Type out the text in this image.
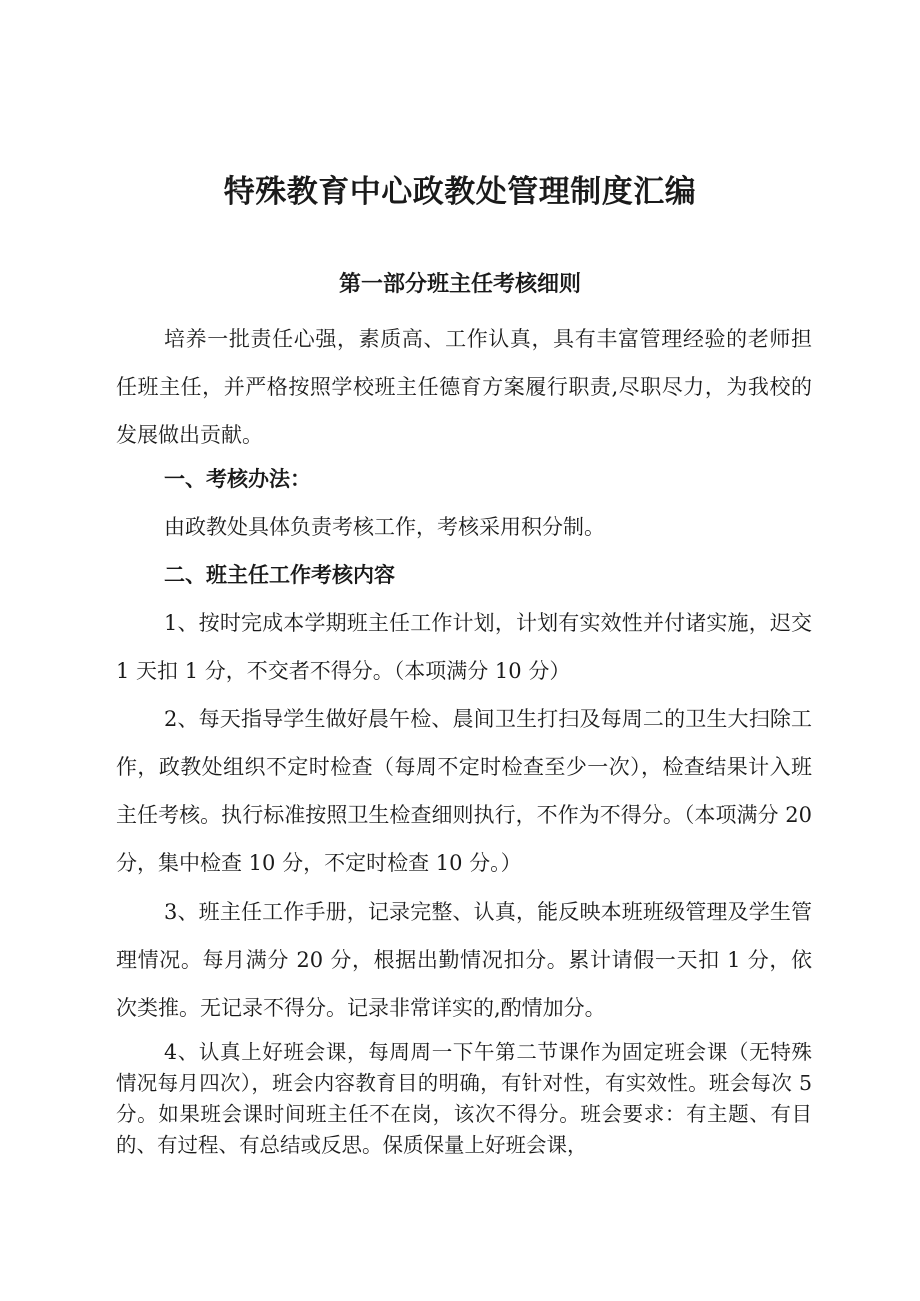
特殊教育中心政教处管理制度汇编
第一部分班主任考核细则

培养一批责任心强，素质高、工作认真，具有丰富管理经验的老师担任班主任，并严格按照学校班主任德育方案履行职责,尽职尽力，为我校的发展做出贡献。

一、考核办法：

由政教处具体负责考核工作，考核采用积分制。

二、班主任工作考核内容

1、按时完成本学期班主任工作计划，计划有实效性并付诸实施，迟交 1 天扣 1 分，不交者不得分。（本项满分 10 分）

2、每天指导学生做好晨午检、晨间卫生打扫及每周二的卫生大扫除工作，政教处组织不定时检查（每周不定时检查至少一次），检查结果计入班主任考核。执行标准按照卫生检查细则执行，不作为不得分。（本项满分 20 分，集中检查 10 分，不定时检查 10 分。）

3、班主任工作手册，记录完整、认真，能反映本班班级管理及学生管理情况。每月满分 20 分，根据出勤情况扣分。累计请假一天扣 1 分，依次类推。无记录不得分。记录非常详实的,酌情加分。

4、认真上好班会课，每周周一下午第二节课作为固定班会课（无特殊情况每月四次），班会内容教育目的明确，有针对性，有实效性。班会每次 5 分。如果班会课时间班主任不在岗，该次不得分。班会要求：有主题、有目的、有过程、有总结或反思。保质保量上好班会课，
